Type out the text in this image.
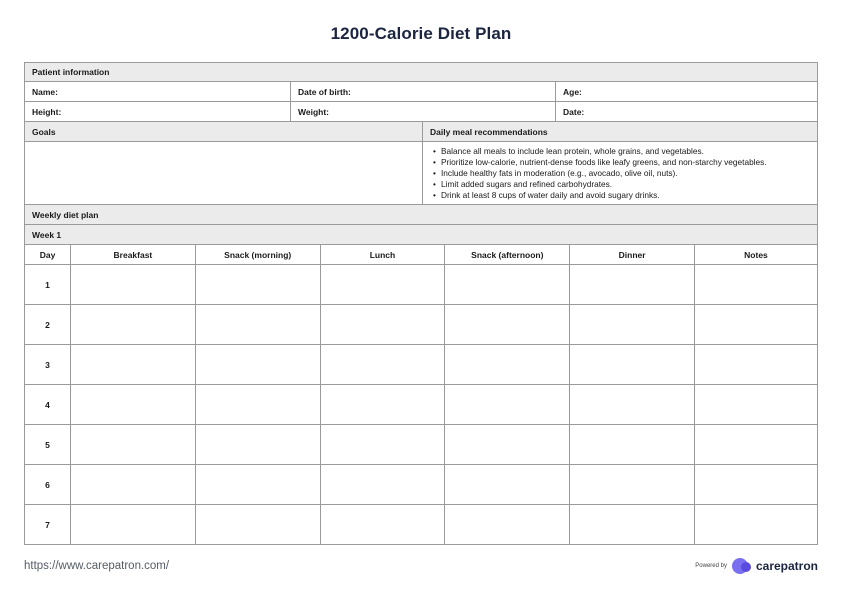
1200-Calorie Diet Plan
Patient information
Name:	Date of birth:	Age:
Height:	Weight:	Date:
Goals	Daily meal recommendations
• Balance all meals to include lean protein, whole grains, and vegetables.
• Prioritize low-calorie, nutrient-dense foods like leafy greens, and non-starchy vegetables.
• Include healthy fats in moderation (e.g., avocado, olive oil, nuts).
• Limit added sugars and refined carbohydrates.
• Drink at least 8 cups of water daily and avoid sugary drinks.
Weekly diet plan
Week 1
Day	Breakfast	Snack (morning)	Lunch	Snack (afternoon)	Dinner	Notes
1
2
3
4
5
6
7
https://www.carepatron.com/	Powered by carepatron
